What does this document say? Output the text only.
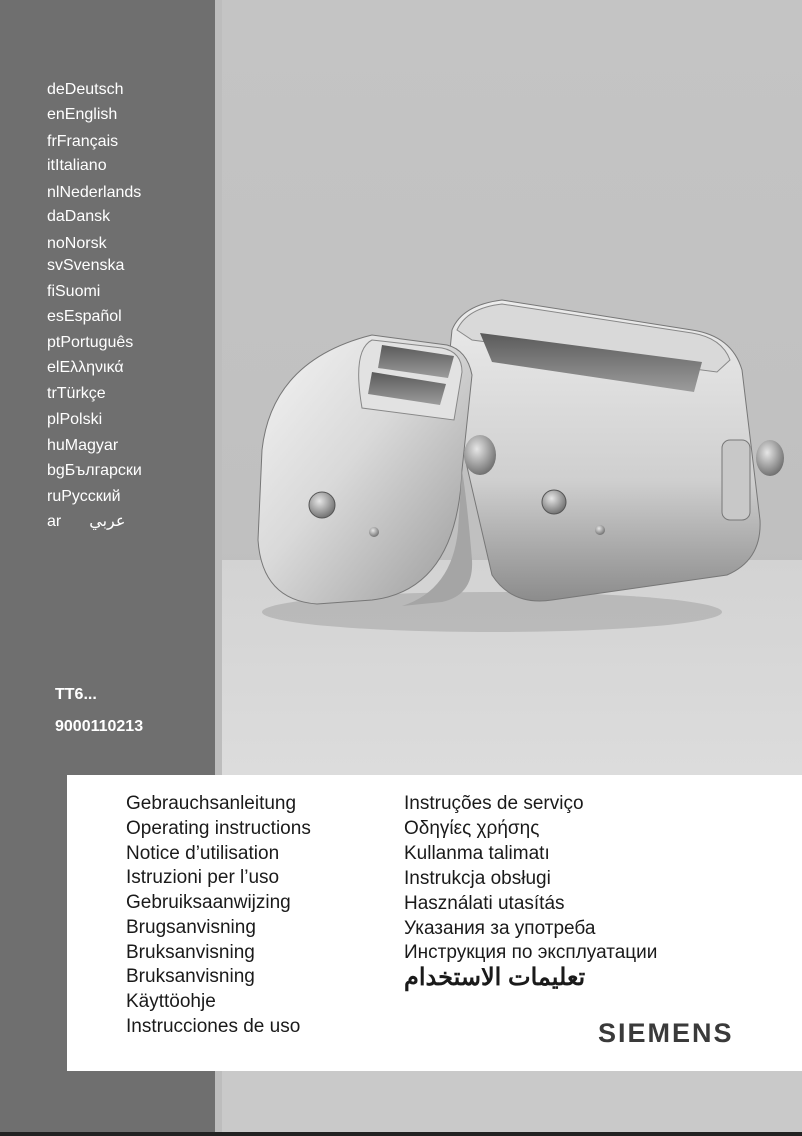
deDeutsch
enEnglish
frFrançais
itItaliano
nlNederlands
daDansk
noNorsk
svSvenska
fiSuomi
esEspañol
ptPortuguês
elΕλληνικά
trTürkçe
plPolski
huMagyar
bgБългарски
ruРусский
ar عربي
TT6...
9000110213
Gebrauchsanleitung
Operating instructions
Notice d’utilisation
Istruzioni per l’uso
Gebruiksaanwijzing
Brugsanvisning
Bruksanvisning
Bruksanvisning
Käyttöohje
Instrucciones de uso
Instruções de serviço
Οδηγίες χρήσης
Kullanma talimatı
Instrukcja obsługi
Használati utasítás
Указания за употреба
Инструкция по эксплуатации
تعليمات الاستخدام
SIEMENS
